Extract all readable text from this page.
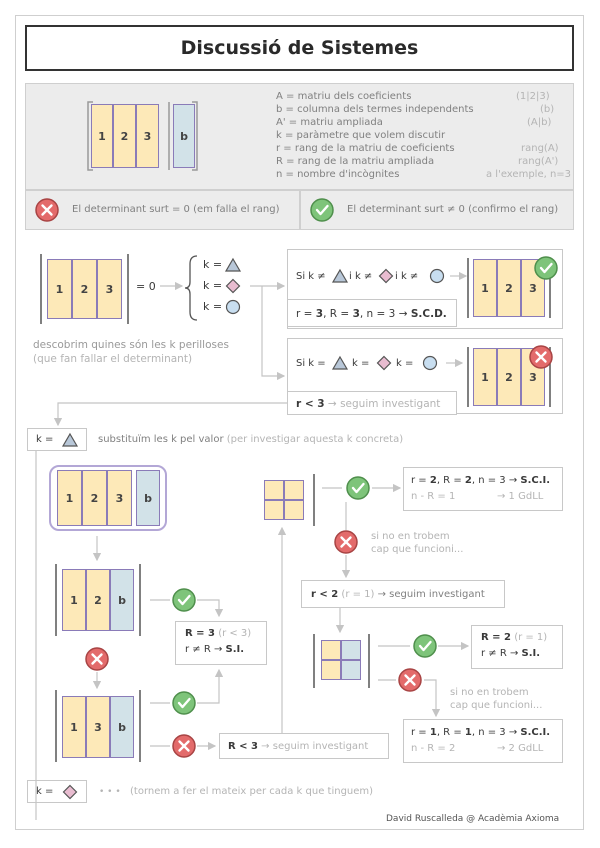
Discussió de Sistemes
1	2	3	b
A = matriu dels coeficients	(1|2|3)
b = columna dels termes independents	(b)
A' = matriu ampliada	(A|b)
k = paràmetre que volem discutir
r = rang de la matriu de coeficients	rang(A)
R = rang de la matriu ampliada	rang(A')
n = nombre d'incògnites	a l'exemple, n=3
El determinant surt = 0 (em falla el rang)	El determinant surt ≠ 0 (confirmo el rang)
1	2	3	= 0
k =
k =
k =
descobrim quines són les k perilloses
(que fan fallar el determinant)
Si k ≠ i k ≠ i k ≠
1	2	3
r = 3, R = 3, n = 3 → S.C.D.
Si k =	k =	k =
1	2	3
r < 3 → seguim investigant
k =	substituïm les k pel valor (per investigar aquesta k concreta)
1	2	3	b
1	2	b
1	3	b
R = 3 (r < 3)
r ≠ R → S.I.
R < 3 → seguim investigant
r = 2, R = 2, n = 3 → S.C.I.
n - R = 1	→ 1 GdLL
si no en trobem
cap que funcioni...
r < 2 (r = 1) → seguim investigant
R = 2 (r = 1)
r ≠ R → S.I.
si no en trobem
cap que funcioni...
r = 1, R = 1, n = 3 → S.C.I.
n - R = 2	→ 2 GdLL
k =	• • • (tornem a fer el mateix per cada k que tinguem)
David Ruscalleda @ Acadèmia Axioma
